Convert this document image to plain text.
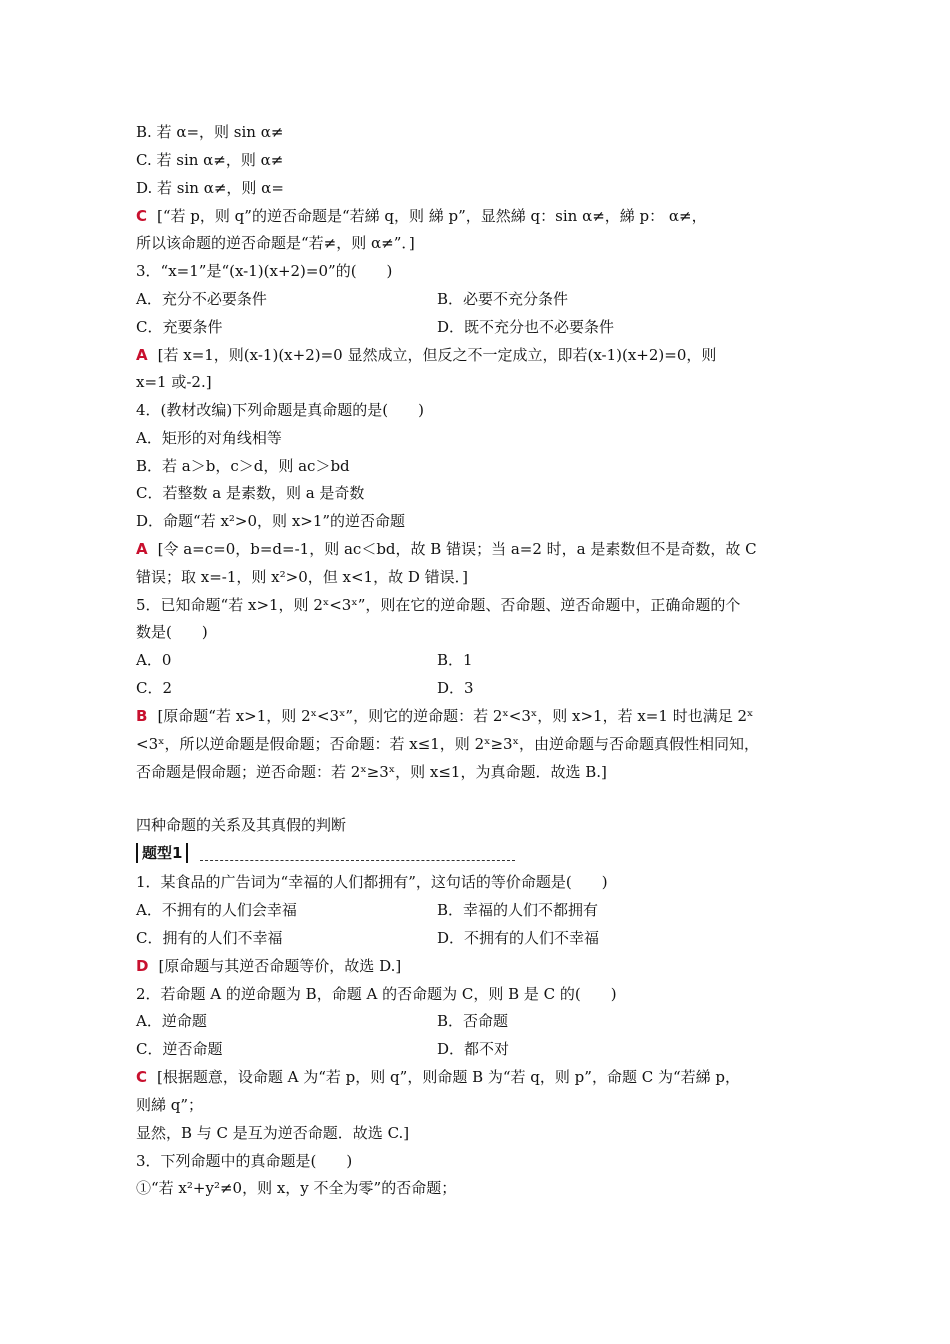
B. 若 α=，则 sin α≠
C. 若 sin α≠，则 α≠
D. 若 sin α≠，则 α=
C [“若 p，则 q”的逆否命题是“若綈 q，则 綈 p”，显然綈 q：sin α≠，綈 p： α≠，
所以该命题的逆否命题是“若≠，则 α≠”．]
3．“x=1”是“(x-1)(x+2)=0”的(　　)
A．充分不必要条件
C．充要条件
A [若 x=1，则(x-1)(x+2)=0 显然成立，但反之不一定成立，即若(x-1)(x+2)=0，则
x=1 或-2.]
4．(教材改编)下列命题是真命题的是(　　)
A．矩形的对角线相等
B．若 a＞b，c＞d，则 ac＞bd
C．若整数 a 是素数，则 a 是奇数
D．命题“若 x²>0，则 x>1”的逆否命题
A [令 a=c=0，b=d=-1，则 ac＜bd，故 B 错误；当 a=2 时，a 是素数但不是奇数，故 C
错误；取 x=-1，则 x²>0，但 x<1，故 D 错误．]
5．已知命题“若 x>1，则 2ˣ<3ˣ”，则在它的逆命题、否命题、逆否命题中，正确命题的个
数是(　　)
A．0
C．2
B [原命题“若 x>1，则 2ˣ<3ˣ”，则它的逆命题：若 2ˣ<3ˣ，则 x>1，若 x=1 时也满足 2ˣ
<3ˣ，所以逆命题是假命题；否命题：若 x≤1，则 2ˣ≥3ˣ，由逆命题与否命题真假性相同知，
否命题是假命题；逆否命题：若 2ˣ≥3ˣ，则 x≤1，为真命题．故选 B.]
1．某食品的广告词为“幸福的人们都拥有”，这句话的等价命题是(　　)
A．不拥有的人们会幸福
C．拥有的人们不幸福
D [原命题与其逆否命题等价，故选 D.]
2．若命题 A 的逆命题为 B，命题 A 的否命题为 C，则 B 是 C 的(　　)
A．逆命题
C．逆否命题
C [根据题意，设命题 A 为“若 p，则 q”，则命题 B 为“若 q，则 p”，命题 C 为“若綈 p，
则綈 q”；
显然，B 与 C 是互为逆否命题．故选 C.]
3．下列命题中的真命题是(　　)
①“若 x²+y²≠0，则 x，y 不全为零”的否命题；
B．必要不充分条件
D．既不充分也不必要条件
B．1
D．3
B．幸福的人们不都拥有
D．不拥有的人们不幸福
B．否命题
D．都不对
四种命题的关系及其真假的判断
题型1
